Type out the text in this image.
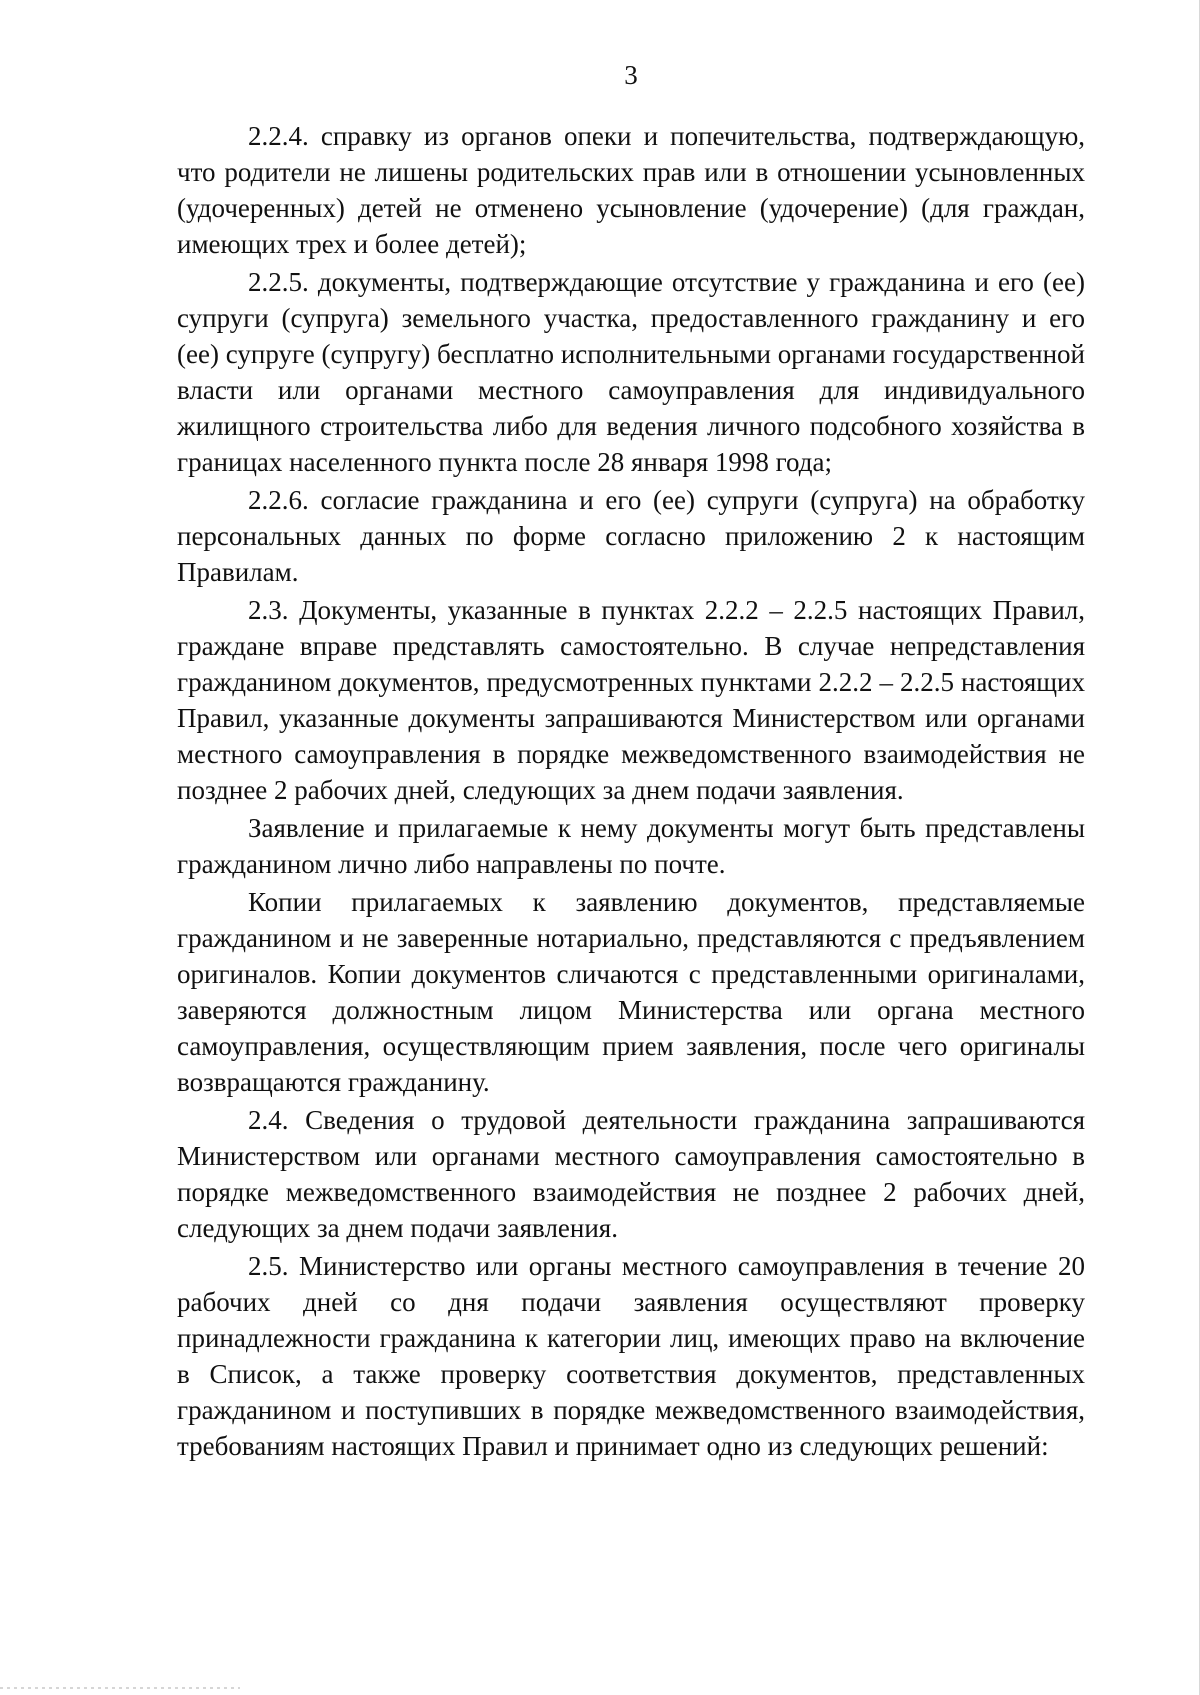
3

2.2.4. справку из органов опеки и попечительства, подтверждающую, что родители не лишены родительских прав или в отношении усыновленных (удочеренных) детей не отменено усыновление (удочерение) (для граждан, имеющих трех и более детей);

2.2.5. документы, подтверждающие отсутствие у гражданина и его (ее) супруги (супруга) земельного участка, предоставленного гражданину и его (ее) супруге (супругу) бесплатно исполнительными органами государственной власти или органами местного самоуправления для индивидуального жилищного строительства либо для ведения личного подсобного хозяйства в границах населенного пункта после 28 января 1998 года;

2.2.6. согласие гражданина и его (ее) супруги (супруга) на обработку персональных данных по форме согласно приложению 2 к настоящим Правилам.

2.3. Документы, указанные в пунктах 2.2.2 – 2.2.5 настоящих Правил, граждане вправе представлять самостоятельно. В случае непредставления гражданином документов, предусмотренных пунктами 2.2.2 – 2.2.5 настоящих Правил, указанные документы запрашиваются Министерством или органами местного самоуправления в порядке межведомственного взаимодействия не позднее 2 рабочих дней, следующих за днем подачи заявления.

Заявление и прилагаемые к нему документы могут быть представлены гражданином лично либо направлены по почте.

Копии прилагаемых к заявлению документов, представляемые гражданином и не заверенные нотариально, представляются с предъявлением оригиналов. Копии документов сличаются с представленными оригиналами, заверяются должностным лицом Министерства или органа местного самоуправления, осуществляющим прием заявления, после чего оригиналы возвращаются гражданину.

2.4. Сведения о трудовой деятельности гражданина запрашиваются Министерством или органами местного самоуправления самостоятельно в порядке межведомственного взаимодействия не позднее 2 рабочих дней, следующих за днем подачи заявления.

2.5. Министерство или органы местного самоуправления в течение 20 рабочих дней со дня подачи заявления осуществляют проверку принадлежности гражданина к категории лиц, имеющих право на включение в Список, а также проверку соответствия документов, представленных гражданином и поступивших в порядке межведомственного взаимодействия, требованиям настоящих Правил и принимает одно из следующих решений:
